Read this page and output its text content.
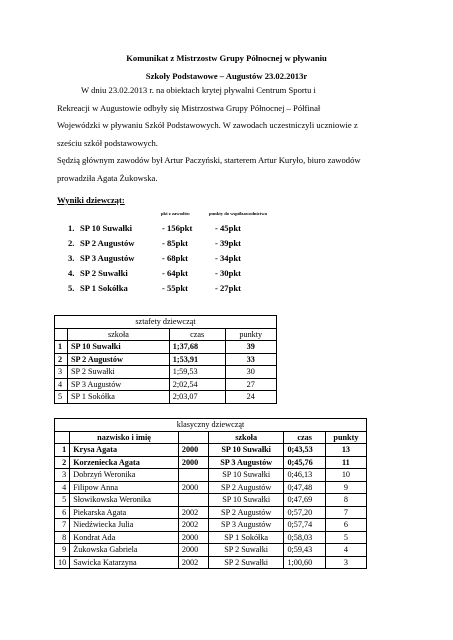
Komunikat z Mistrzostw Grupy Północnej w pływaniu
Szkoły Podstawowe – Augustów 23.02.2013r
W dniu 23.02.2013 r. na obiektach krytej pływalni Centrum Sportu i
Rekreacji w Augustowie odbyły się Mistrzostwa Grupy Północnej – Półfinał
Wojewódzki w pływaniu Szkół Podstawowych. W zawodach uczestniczyli uczniowie z
sześciu szkół podstawowych.
Sędzią głównym zawodów był Artur Paczyński, starterem Artur Kuryło, biuro zawodów
prowadziła Agata Żukowska.
Wyniki dziewcząt:
pkt z zawodów	punkty do współzawodnictwa
1. SP 10 Suwałki	- 156pkt	- 45pkt
2. SP 2 Augustów	- 85pkt	- 39pkt
3. SP 3 Augustów	- 68pkt	- 34pkt
4. SP 2 Suwałki	- 64pkt	- 30pkt
5. SP 1 Sokółka	- 55pkt	- 27pkt
sztafety dziewcząt			
	szkoła	czas	punkty
1	SP 10 Suwałki	1;37,68	39
2	SP 2 Augustów	1;53,91	33
3	SP 2 Suwałki	1;59,53	30
4	SP 3 Augustów	2;02,54	27
5	SP 1 Sokółka	2;03,07	24
klasyczny dziewcząt					
	nazwisko i imię		szkoła	czas	punkty
1	Krysa Agata	2000	SP 10 Suwałki	0;43,53	13
2	Korzeniecka Agata	2000	SP 3 Augustów	0;45,76	11
3	Dobrzyń Weronika		SP 10 Suwałki	0;46,13	10
4	Filipow Anna	2000	SP 2 Augustów	0;47,48	9
5	Słowikowska Weronika		SP 10 Suwałki	0;47,69	8
6	Piekarska Agata	2002	SP 2 Augustów	0;57,20	7
7	Niedźwiecka Julia	2002	SP 3 Augustów	0;57,74	6
8	Kondrat Ada	2000	SP 1 Sokółka	0;58,03	5
9	Żukowska Gabriela	2000	SP 2 Suwałki	0;59,43	4
10	Sawicka Katarzyna	2002	SP 2 Suwałki	1;00,60	3
